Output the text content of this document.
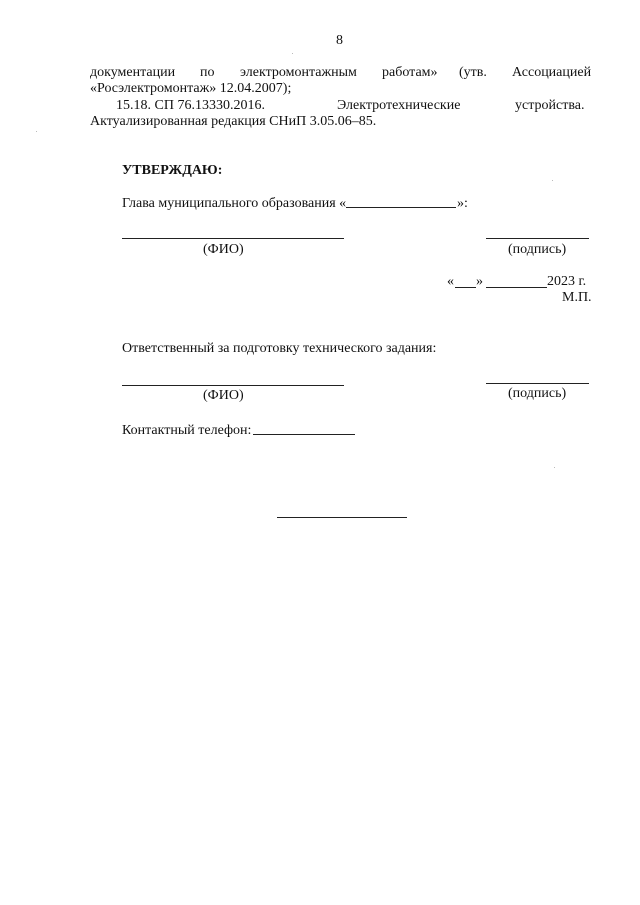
8
документации по электромонтажным работам» (утв. Ассоциацией
«Росэлектромонтаж» 12.04.2007);
15.18. СП 76.13330.2016.	Электротехнические	устройства.
Актуализированная редакция СНиП 3.05.06–85.
УТВЕРЖДАЮ:
Глава муниципального образования «	»:
(ФИО)	(подпись)
« »	2023 г.
М.П.
Ответственный за подготовку технического задания:
(ФИО)	(подпись)
Контактный телефон:
